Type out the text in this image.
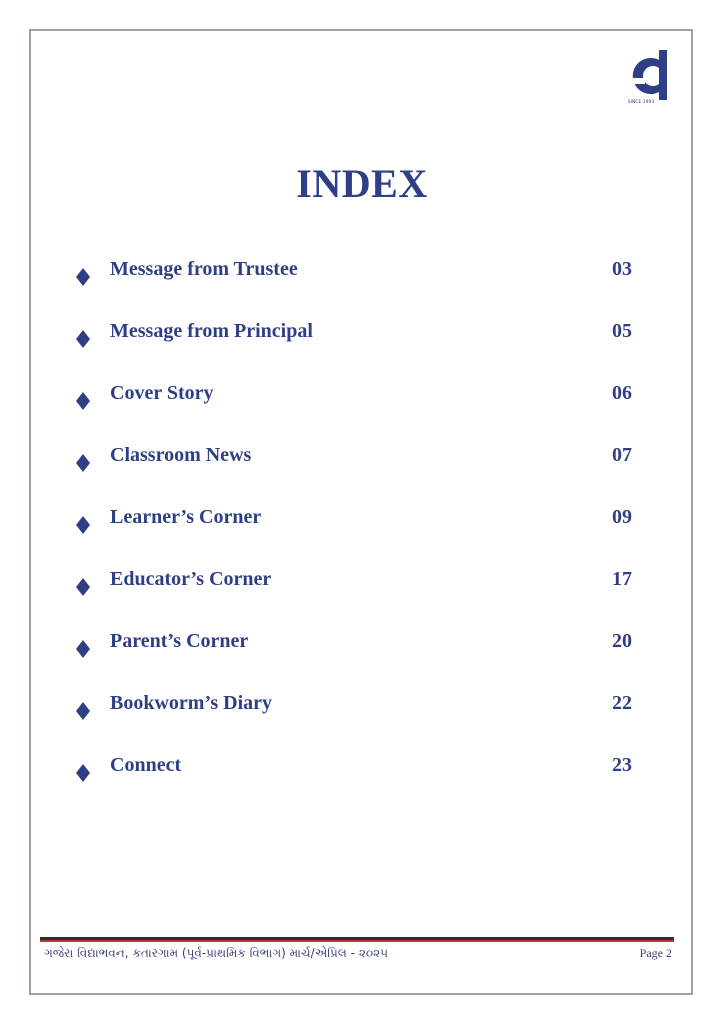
SINCE 1993
INDEX
Message from Trustee	03
Message from Principal	05
Cover Story	06
Classroom News	07
Learner’s Corner	09
Educator’s Corner	17
Parent’s Corner	20
Bookworm’s Diary	22
Connect	23
ગજેરા વિદ્યાભવન, કતારગામ (પૂર્વ-પ્રાથમિક વિભાગ) માર્ચ/એપ્રિલ - ૨૦૨૫	Page 2
